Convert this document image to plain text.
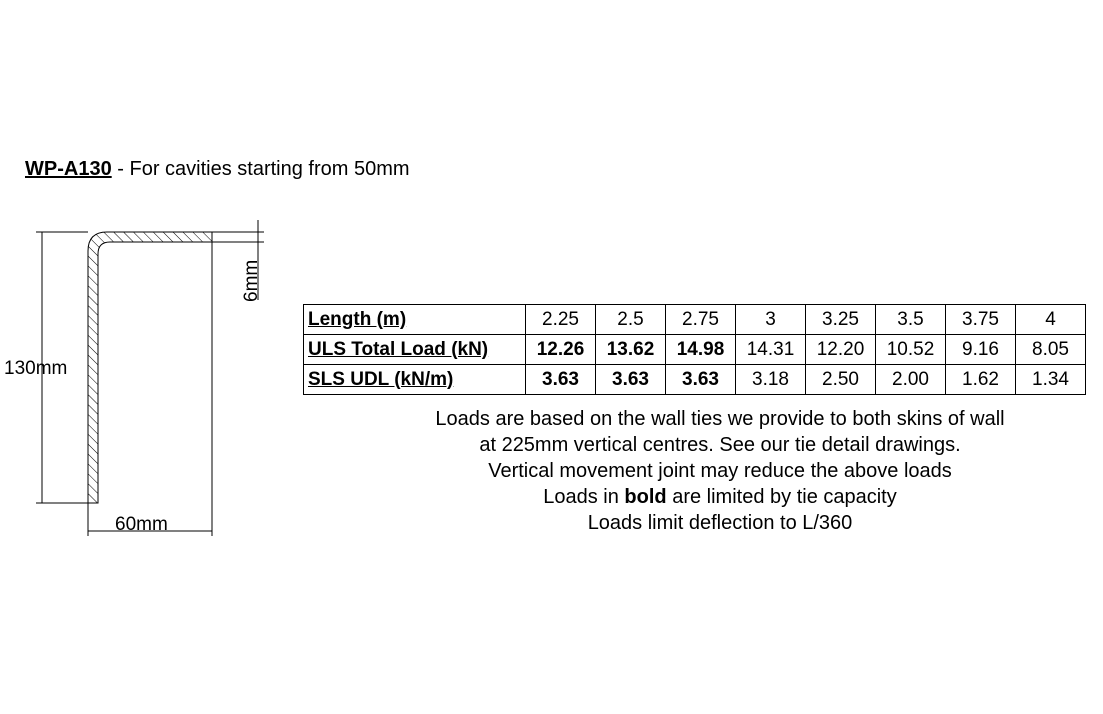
WP-A130 - For cavities starting from 50mm
130mm
60mm
6mm
Length (m)	2.25	2.5	2.75	3	3.25	3.5	3.75	4
ULS Total Load (kN)	12.26	13.62	14.98	14.31	12.20	10.52	9.16	8.05
SLS UDL (kN/m)	3.63	3.63	3.63	3.18	2.50	2.00	1.62	1.34
Loads are based on the wall ties we provide to both skins of wall
at 225mm vertical centres. See our tie detail drawings.
Vertical movement joint may reduce the above loads
Loads in bold are limited by tie capacity
Loads limit deflection to L/360
